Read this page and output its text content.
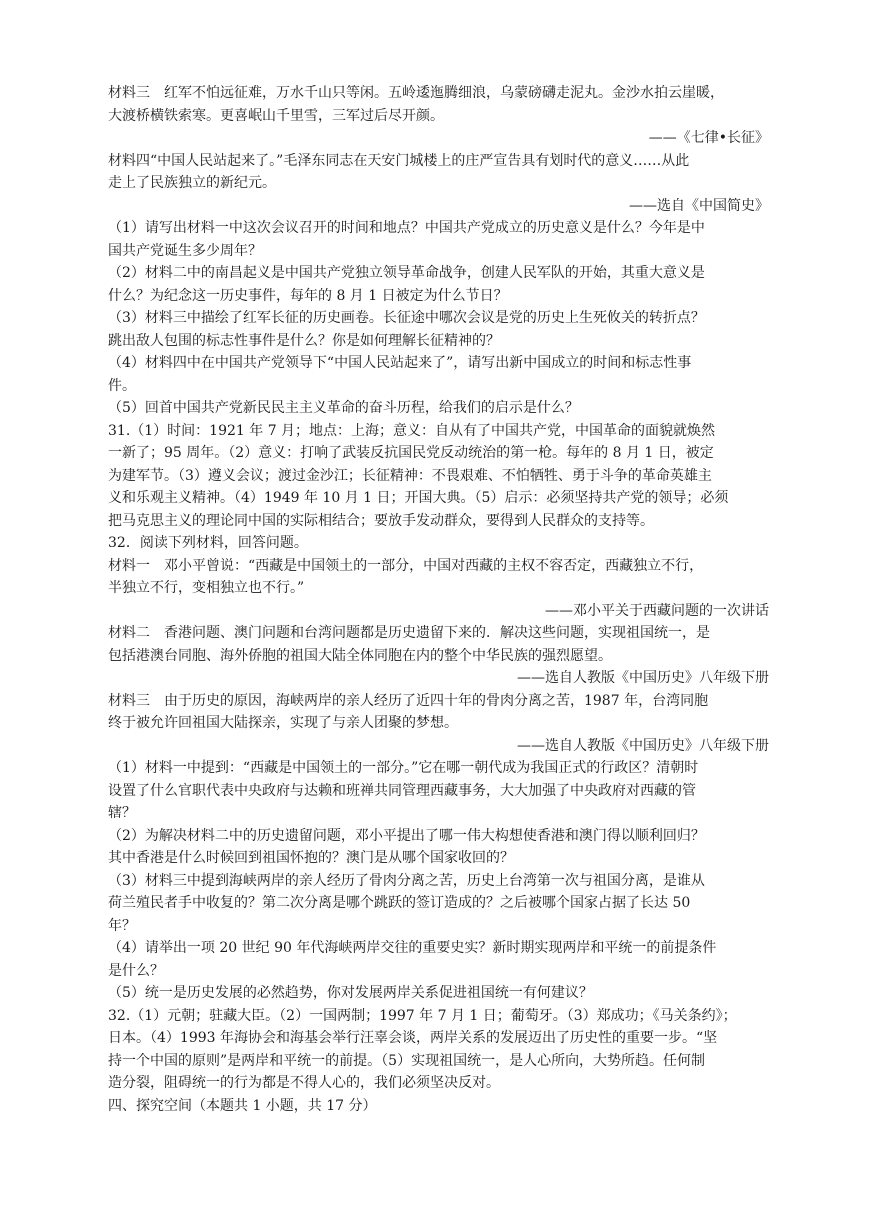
材料三　红军不怕远征难，万水千山只等闲。五岭逶迤腾细浪，乌蒙磅礴走泥丸。金沙水拍云崖暖，
大渡桥横铁索寒。更喜岷山千里雪，三军过后尽开颜。
——《七律•长征》
材料四“中国人民站起来了。”毛泽东同志在天安门城楼上的庄严宣告具有划时代的意义……从此
走上了民族独立的新纪元。
——选自《中国简史》
（1）请写出材料一中这次会议召开的时间和地点？中国共产党成立的历史意义是什么？今年是中
国共产党诞生多少周年？
（2）材料二中的南昌起义是中国共产党独立领导革命战争，创建人民军队的开始，其重大意义是
什么？为纪念这一历史事件，每年的 8 月 1 日被定为什么节日？
（3）材料三中描绘了红军长征的历史画卷。长征途中哪次会议是党的历史上生死攸关的转折点？
跳出敌人包围的标志性事件是什么？你是如何理解长征精神的？
（4）材料四中在中国共产党领导下“中国人民站起来了”，请写出新中国成立的时间和标志性事
件。
（5）回首中国共产党新民民主主义革命的奋斗历程，给我们的启示是什么？
31.（1）时间：1921 年 7 月；地点：上海；意义：自从有了中国共产党，中国革命的面貌就焕然
一新了；95 周年。（2）意义：打响了武装反抗国民党反动统治的第一枪。每年的 8 月 1 日，被定
为建军节。（3）遵义会议；渡过金沙江；长征精神：不畏艰难、不怕牺牲、勇于斗争的革命英雄主
义和乐观主义精神。（4）1949 年 10 月 1 日；开国大典。（5）启示：必须坚持共产党的领导；必须
把马克思主义的理论同中国的实际相结合；要放手发动群众，要得到人民群众的支持等。
32．阅读下列材料，回答问题。
材料一　邓小平曾说：“西藏是中国领土的一部分，中国对西藏的主权不容否定，西藏独立不行，
半独立不行，变相独立也不行。”
——邓小平关于西藏问题的一次讲话
材料二　香港问题、澳门问题和台湾问题都是历史遗留下来的．解决这些问题，实现祖国统一，是
包括港澳台同胞、海外侨胞的祖国大陆全体同胞在内的整个中华民族的强烈愿望。
——选自人教版《中国历史》八年级下册
材料三　由于历史的原因，海峡两岸的亲人经历了近四十年的骨肉分离之苦，1987 年，台湾同胞
终于被允许回祖国大陆探亲，实现了与亲人团聚的梦想。
——选自人教版《中国历史》八年级下册
（1）材料一中提到：“西藏是中国领土的一部分。”它在哪一朝代成为我国正式的行政区？清朝时
设置了什么官职代表中央政府与达赖和班禅共同管理西藏事务，大大加强了中央政府对西藏的管
辖？
（2）为解决材料二中的历史遗留问题，邓小平提出了哪一伟大构想使香港和澳门得以顺利回归？
其中香港是什么时候回到祖国怀抱的？澳门是从哪个国家收回的？
（3）材料三中提到海峡两岸的亲人经历了骨肉分离之苦，历史上台湾第一次与祖国分离，是谁从
荷兰殖民者手中收复的？第二次分离是哪个跳跃的签订造成的？之后被哪个国家占据了长达 50
年？
（4）请举出一项 20 世纪 90 年代海峡两岸交往的重要史实？新时期实现两岸和平统一的前提条件
是什么？
（5）统一是历史发展的必然趋势，你对发展两岸关系促进祖国统一有何建议？
32.（1）元朝；驻藏大臣。（2）一国两制；1997 年 7 月 1 日；葡萄牙。（3）郑成功；《马关条约》；
日本。（4）1993 年海协会和海基会举行汪辜会谈，两岸关系的发展迈出了历史性的重要一步。“坚
持一个中国的原则”是两岸和平统一的前提。（5）实现祖国统一，是人心所向，大势所趋。任何制
造分裂，阻碍统一的行为都是不得人心的，我们必须坚决反对。
四、探究空间（本题共 1 小题，共 17 分）
